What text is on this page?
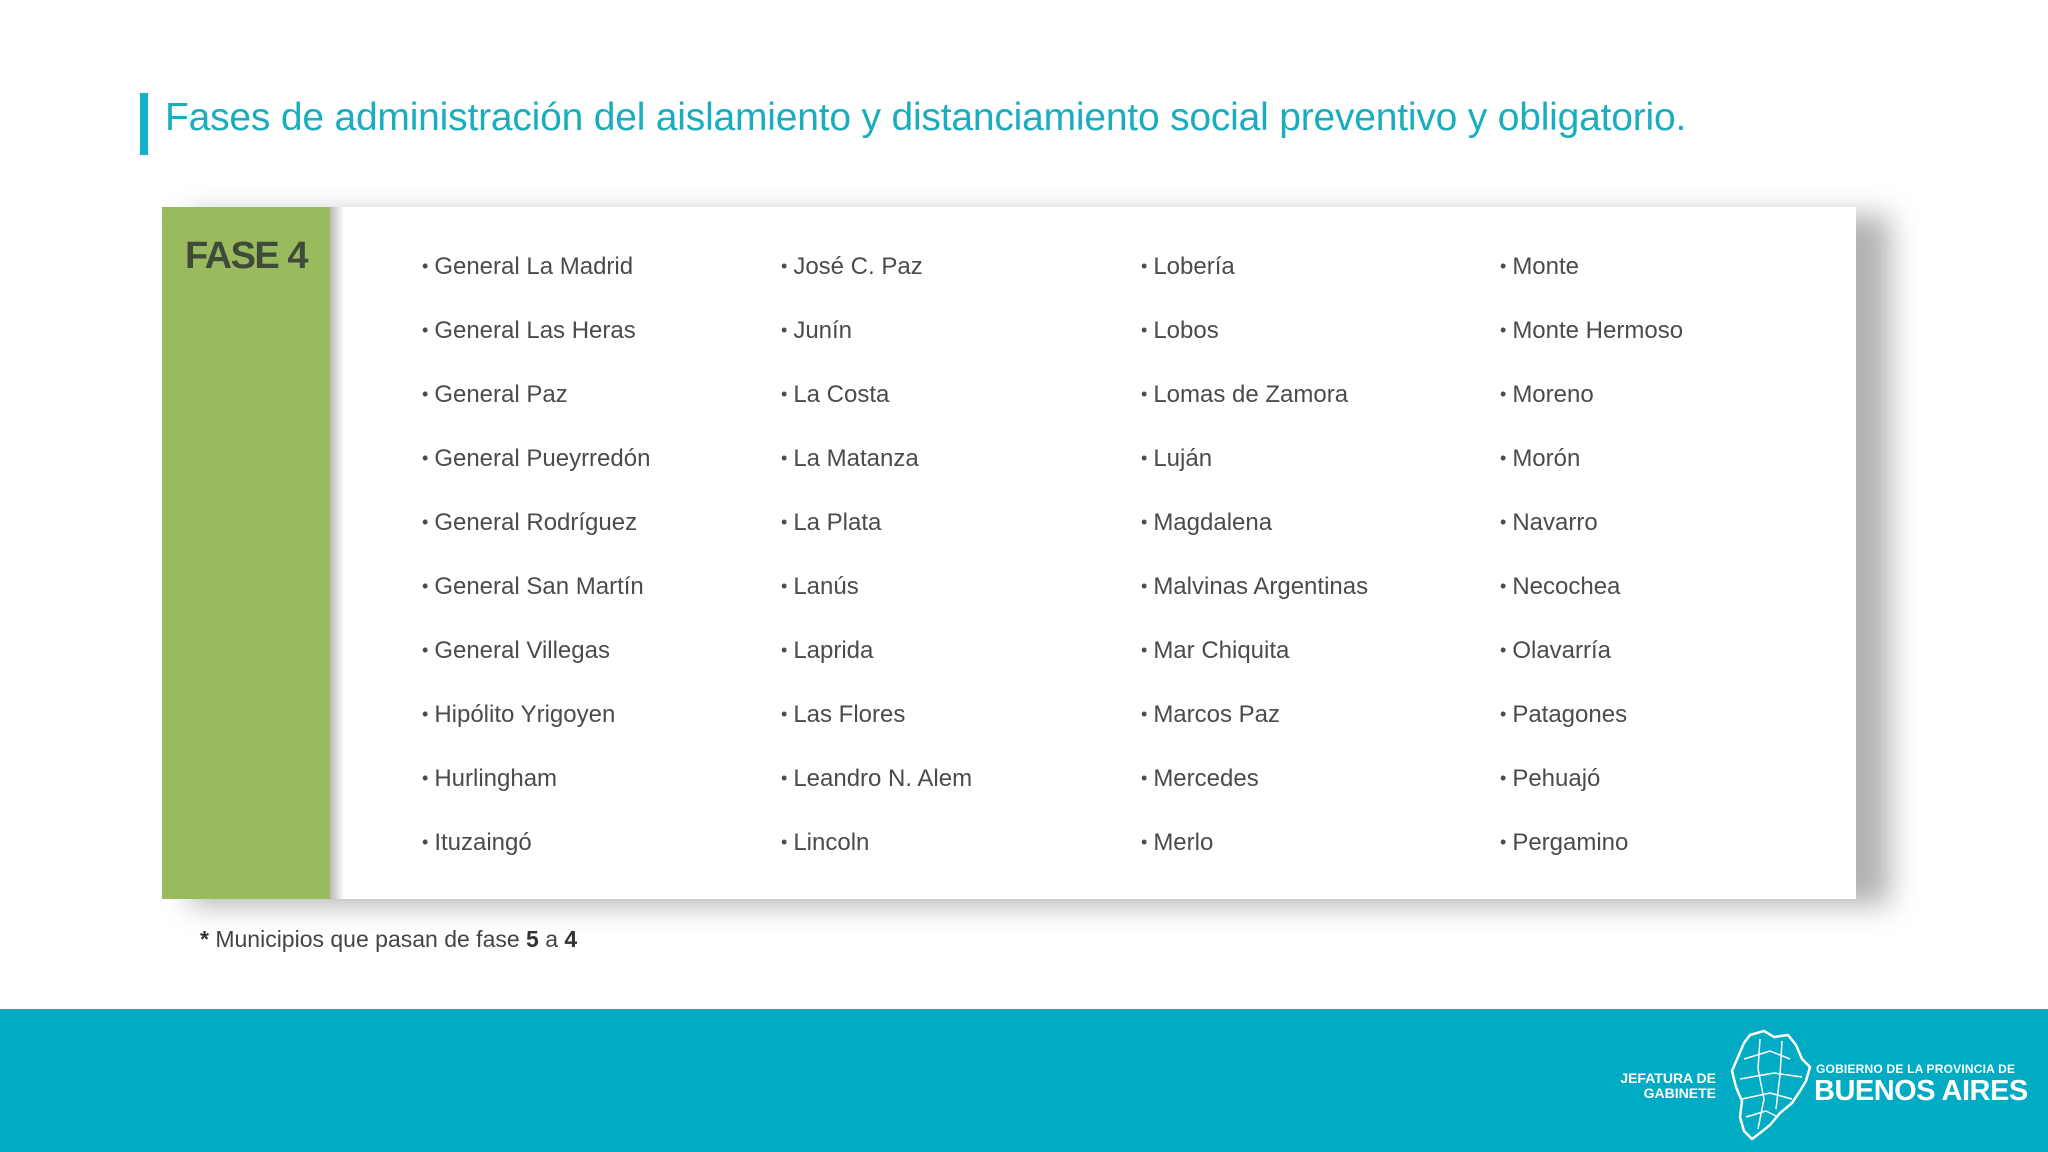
Fases de administración del aislamiento y distanciamiento social preventivo y obligatorio.
FASE 4
•	General La Madrid
• General Las Heras
• General Paz
• General Pueyrredón
• General Rodríguez
• General San Martín
• General Villegas
• Hipólito Yrigoyen
• Hurlingham
• Ituzaingó
• José C. Paz
• Junín
• La Costa
• La Matanza
• La Plata
• Lanús
• Laprida
• Las Flores
• Leandro N. Alem
• Lincoln
• Lobería
• Lobos
• Lomas de Zamora
• Luján
• Magdalena
• Malvinas Argentinas
• Mar Chiquita
• Marcos Paz
• Mercedes
• Merlo
• Monte
• Monte Hermoso
• Moreno
• Morón
• Navarro
• Necochea
• Olavarría
• Patagones
• Pehuajó
• Pergamino
* Municipios que pasan de fase 5 a 4
JEFATURA DE
GABINETE
GOBIERNO DE LA PROVINCIA DE
BUENOS AIRES
